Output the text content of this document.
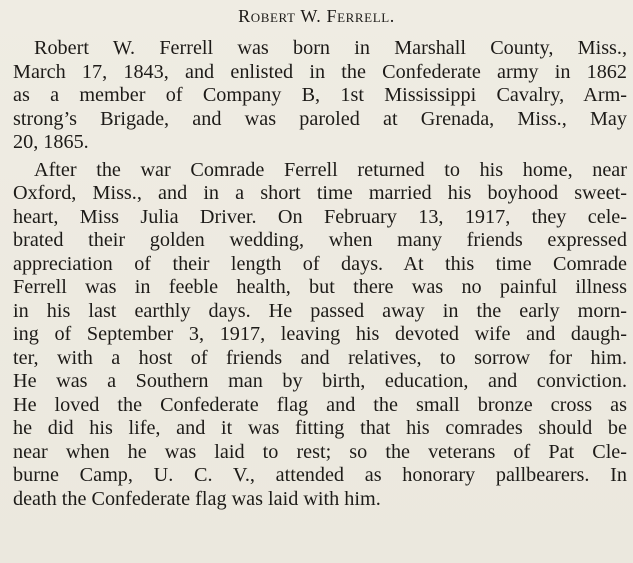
Robert W. Ferrell.

Robert W. Ferrell was born in Marshall County, Miss.,
March 17, 1843, and enlisted in the Confederate army in 1862
as a member of Company B, 1st Mississippi Cavalry, Arm-
strong’s Brigade, and was paroled at Grenada, Miss., May
20, 1865.

After the war Comrade Ferrell returned to his home, near
Oxford, Miss., and in a short time married his boyhood sweet-
heart, Miss Julia Driver. On February 13, 1917, they cele-
brated their golden wedding, when many friends expressed
appreciation of their length of days. At this time Comrade
Ferrell was in feeble health, but there was no painful illness
in his last earthly days. He passed away in the early morn-
ing of September 3, 1917, leaving his devoted wife and daugh-
ter, with a host of friends and relatives, to sorrow for him.
He was a Southern man by birth, education, and conviction.
He loved the Confederate flag and the small bronze cross as
he did his life, and it was fitting that his comrades should be
near when he was laid to rest; so the veterans of Pat Cle-
burne Camp, U. C. V., attended as honorary pallbearers. In
death the Confederate flag was laid with him.
